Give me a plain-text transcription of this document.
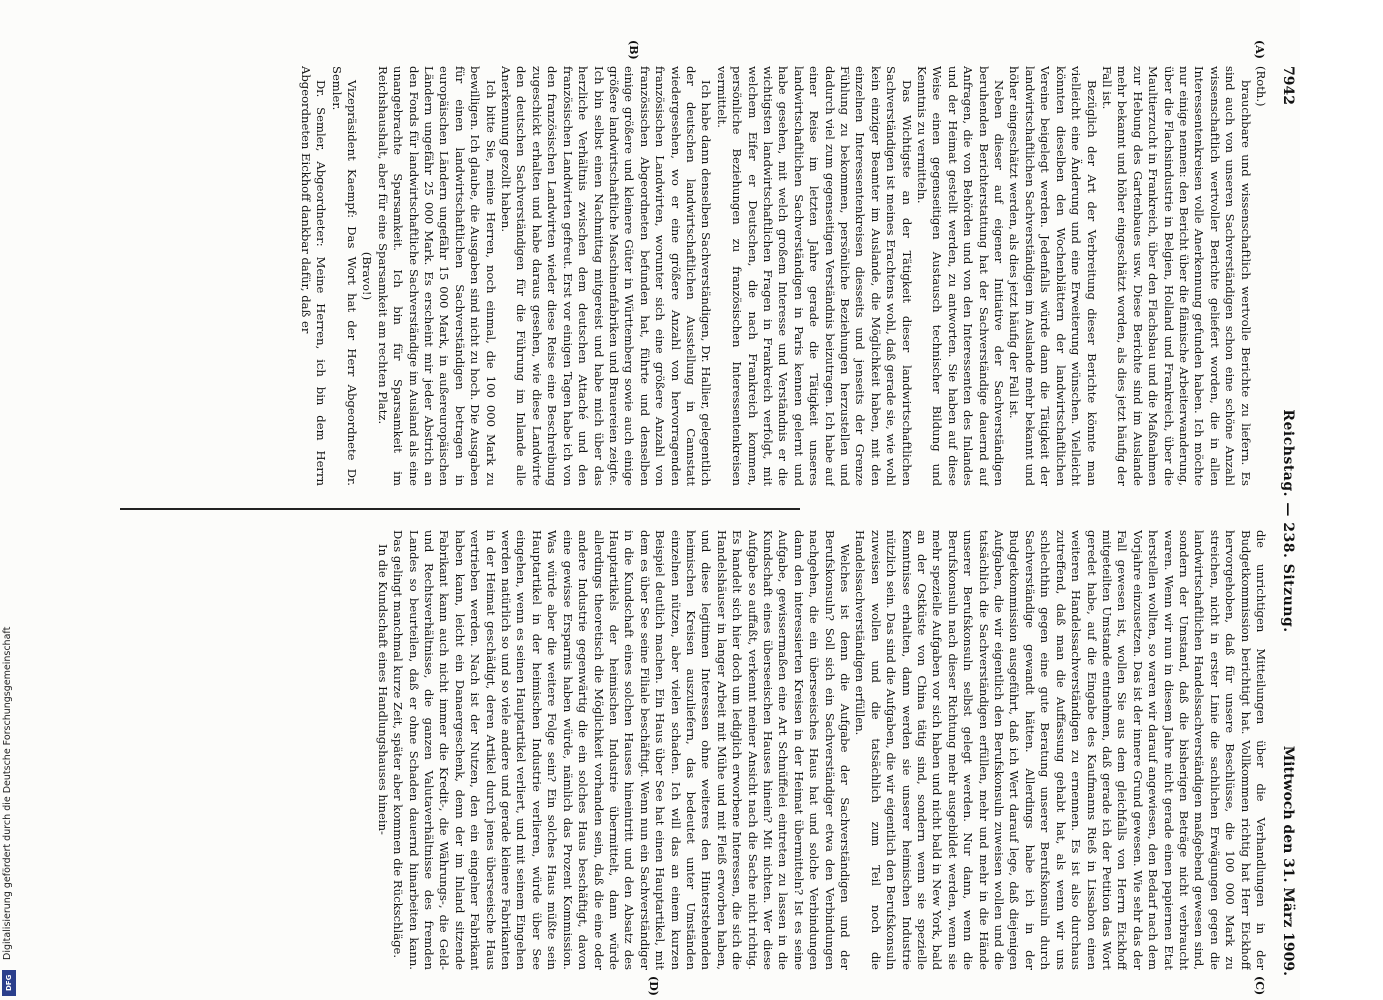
7942
Reichstag. — 238. Sitzung.
Mittwoch den 31. März 1909.
(A)
(B)
(C)
(D)

(Roth.)

brauchbare und wissenschaftlich wertvolle Berichte zu liefern. Es sind auch von unseren Sachverständigen schon eine schöne Anzahl wissenschaftlich wertvoller Berichte geliefert worden, die in allen Interessentenkreisen volle Anerkennung gefunden haben. Ich möchte nur einige nennen: den Bericht über die flämische Arbeiterwanderung, über die Flachsindustrie in Belgien, Holland und Frankreich, über die Maultierzucht in Frankreich, über den Flachsbau und die Maßnahmen zur Hebung des Gartenbaues usw. Diese Berichte sind im Auslande mehr bekannt und höher eingeschätzt worden, als dies jetzt häufig der Fall ist.

Bezüglich der Art der Verbreitung dieser Berichte könnte man vielleicht eine Änderung und eine Erweiterung wünschen. Vielleicht könnten dieselben den Wochenblättern der landwirtschaftlichen Vereine beigelegt werden. Jedenfalls würde dann die Tätigkeit der landwirtschaftlichen Sachverständigen im Auslande mehr bekannt und höher eingeschätzt werden, als dies jetzt häufig der Fall ist.

Neben dieser auf eigener Initiative der Sachverständigen beruhenden Berichterstattung hat der Sachverständige dauernd auf Anfragen, die von Behörden und von den Interessenten des Inlandes und der Heimat gestellt werden, zu antworten. Sie haben auf diese Weise einen gegenseitigen Austausch technischer Bildung und Kenntnis zu vermitteln.

Das Wichtigste an der Tätigkeit dieser landwirtschaftlichen Sachverständigen ist meines Erachtens wohl, daß gerade sie, wie wohl kein einziger Beamter im Auslande, die Möglichkeit haben, mit den einzelnen Interessentenkreisen diesseits und jenseits der Grenze Fühlung zu bekommen, persönliche Beziehungen herzustellen und dadurch viel zum gegenseitigen Verständnis beizutragen. Ich habe auf einer Reise im letzten Jahre gerade die Tätigkeit unseres landwirtschaftlichen Sachverständigen in Paris kennen gelernt und habe gesehen, mit welch großem Interesse und Verständnis er die wichtigsten landwirtschaftlichen Fragen in Frankreich verfolgt, mit welchem Eifer er Deutschen, die nach Frankreich kommen, persönliche Beziehungen zu französischen Interessentenkreisen vermittelt.

Ich habe dann denselben Sachverständigen, Dr. Hallier, gelegentlich der deutschen landwirtschaftlichen Ausstellung in Cannstatt wiedergesehen, wo er eine größere Anzahl von hervorragenden französischen Landwirten, worunter sich eine größere Anzahl von französischen Abgeordneten befunden hat, führte und denselben einige größere und kleinere Güter in Württemberg sowie auch einige größere landwirtschaftliche Maschinenfabriken und Brauereien zeigte. Ich bin selbst einen Nachmittag mitgereist und habe mich über das herzliche Verhältnis zwischen dem deutschen Attaché und den französischen Landwirten gefreut. Erst vor einigen Tagen habe ich von den französischen Landwirten wieder diese Reise eine Beschreibung zugeschickt erhalten und habe daraus gesehen, wie diese Landwirte den deutschen Sachverständigen für die Führung im Inlande alle Anerkennung gezollt haben.

Ich bitte Sie, meine Herren, noch einmal, die 100 000 Mark zu bewilligen. Ich glaube, die Ausgaben sind nicht zu hoch. Die Ausgaben für einen landwirtschaftlichen Sachverständigen betragen in europäischen Ländern ungefähr 15 000 Mark, in außereuropäischen Ländern ungefähr 25 000 Mark. Es erscheint mir jeder Abstrich an den Fonds für landwirtschaftliche Sachverständige im Ausland als eine unangebrachte Sparsamkeit. Ich bin für Sparsamkeit im Reichshaushalt, aber für eine Sparsamkeit am rechten Platz.

(Bravo!)

Vizepräsident Kaempf: Das Wort hat der Herr Abgeordnete Dr. Semler.

Dr. Semler, Abgeordneter: Meine Herren, ich bin dem Herrn Abgeordneten Eickhoff dankbar dafür, daß er

die unrichtigen Mitteilungen über die Verhandlungen in der Budgetkommission berichtigt hat. Vollkommen richtig hat Herr Eickhoff hervorgehoben, daß für unsere Beschlüsse, die 100 000 Mark zu streichen, nicht in erster Linie die sachlichen Erwägungen gegen die landwirtschaftlichen Handelssachverständigen maßgebend gewesen sind, sondern der Umstand, daß die bisherigen Beträge nicht verbraucht waren. Wenn wir nun in diesem Jahre nicht gerade einen papiernen Etat herstellen wollten, so waren wir darauf angewiesen, den Bedarf nach dem Vorjahre einzusetzen. Das ist der innere Grund gewesen. Wie sehr das der Fall gewesen ist, wollen Sie aus dem gleichfalls von Herrn Eickhoff mitgeteilten Umstande entnehmen, daß gerade ich der Petition das Wort geredet habe, auf die Eingabe des Kaufmanns Rieß in Lissabon einen weiteren Handelssachverständigen zu ernennen. Es ist also durchaus zutreffend, daß man die Auffassung gehabt hat, als wenn wir uns schlechthin gegen eine gute Beratung unserer Berufskonsuln durch Sachverständige gewandt hätten. Allerdings habe ich in der Budgetkommission ausgeführt, daß ich Wert darauf lege, daß diejenigen Aufgaben, die wir eigentlich den Berufskonsuln zuweisen wollen und die tatsächlich die Sachverständigen erfüllen, mehr und mehr in die Hände unserer Berufskonsuln selbst gelegt werden. Nur dann, wenn die Berufskonsuln nach dieser Richtung mehr ausgebildet werden, wenn sie mehr spezielle Aufgaben vor sich haben und nicht bald in New York, bald an der Ostküste von China tätig sind, sondern wenn sie spezielle Kenntnisse erhalten, dann werden sie unserer heimischen Industrie nützlich sein. Das sind die Aufgaben, die wir eigentlich den Berufskonsuln zuweisen wollen und die tatsächlich zum Teil noch die Handelssachverständigen erfüllen.

Welches ist denn die Aufgabe der Sachverständigen und der Berufskonsuln? Soll sich ein Sachverständiger etwa den Verbindungen nachgehen, die ein überseeisches Haus hat und solche Verbindungen dann den interessierten Kreisen in der Heimat übermitteln? Ist es seine Aufgabe, gewissermaßen eine Art Schnüffelei eintreten zu lassen in die Kundschaft eines überseeischen Hauses hinein? Mit nichten. Wer diese Aufgabe so auffaßt, verkennt meiner Ansicht nach die Sache nicht richtig. Es handelt sich hier doch um lediglich erworbene Interessen, die sich die Handelshäuser in langer Arbeit mit Mühe und mit Fleiß erworben haben, und diese legitimen Interessen ohne weiteres den Hinterstehenden heimischen Kreisen auszuliefern, das bedeutet unter Umständen einzelnen nützen, aber vielen schaden. Ich will das an einem kurzen Beispiel deutlich machen. Ein Haus über See hat einen Hauptartikel, mit dem es über See seine Filiale beschäftigt. Wenn nun ein Sachverständiger in die Kundschaft eines solchen Hauses hineintritt und den Absatz des Hauptartikels der heimischen Industrie übermittelt, dann würde allerdings theoretisch die Möglichkeit vorhanden sein, daß die eine oder andere Industrie gegenwärtig die ein solches Haus beschäftigt, davon eine gewisse Ersparnis haben würde, nämlich das Prozent Kommission. Was würde aber die weitere Folge sein? Ein solches Haus müßte sein Hauptartikel in der heimischen Industrie verlieren, würde über See eingehen, wenn es seinen Hauptartikel verliert, und mit seinem Eingehen werden natürlich so und so viele andere und gerade kleinere Fabrikanten in der Heimat geschädigt, deren Artikel durch jenes überseeische Haus vertrieben werden. Nach ist der Nutzen, den ein eingelner Fabrikant haben kann, leicht ein Danaergeschenk, denn der im Inland sitzende Fabrikant kann auch nicht immer die Kredit-, die Währungs-, die Geld- und Rechtsverhältnisse, die ganzen Valutaverhältnisse des fremden Landes so beurteilen, daß er ohne Schaden dauernd hinarbeiten kann. Das gelingt manchmal kurze Zeit, später aber kommen die Rückschläge.

In die Kundschaft eines Handlungshauses hinein-

Digitalisierung gefördert durch die Deutsche Forschungsgemeinschaft
DFG
